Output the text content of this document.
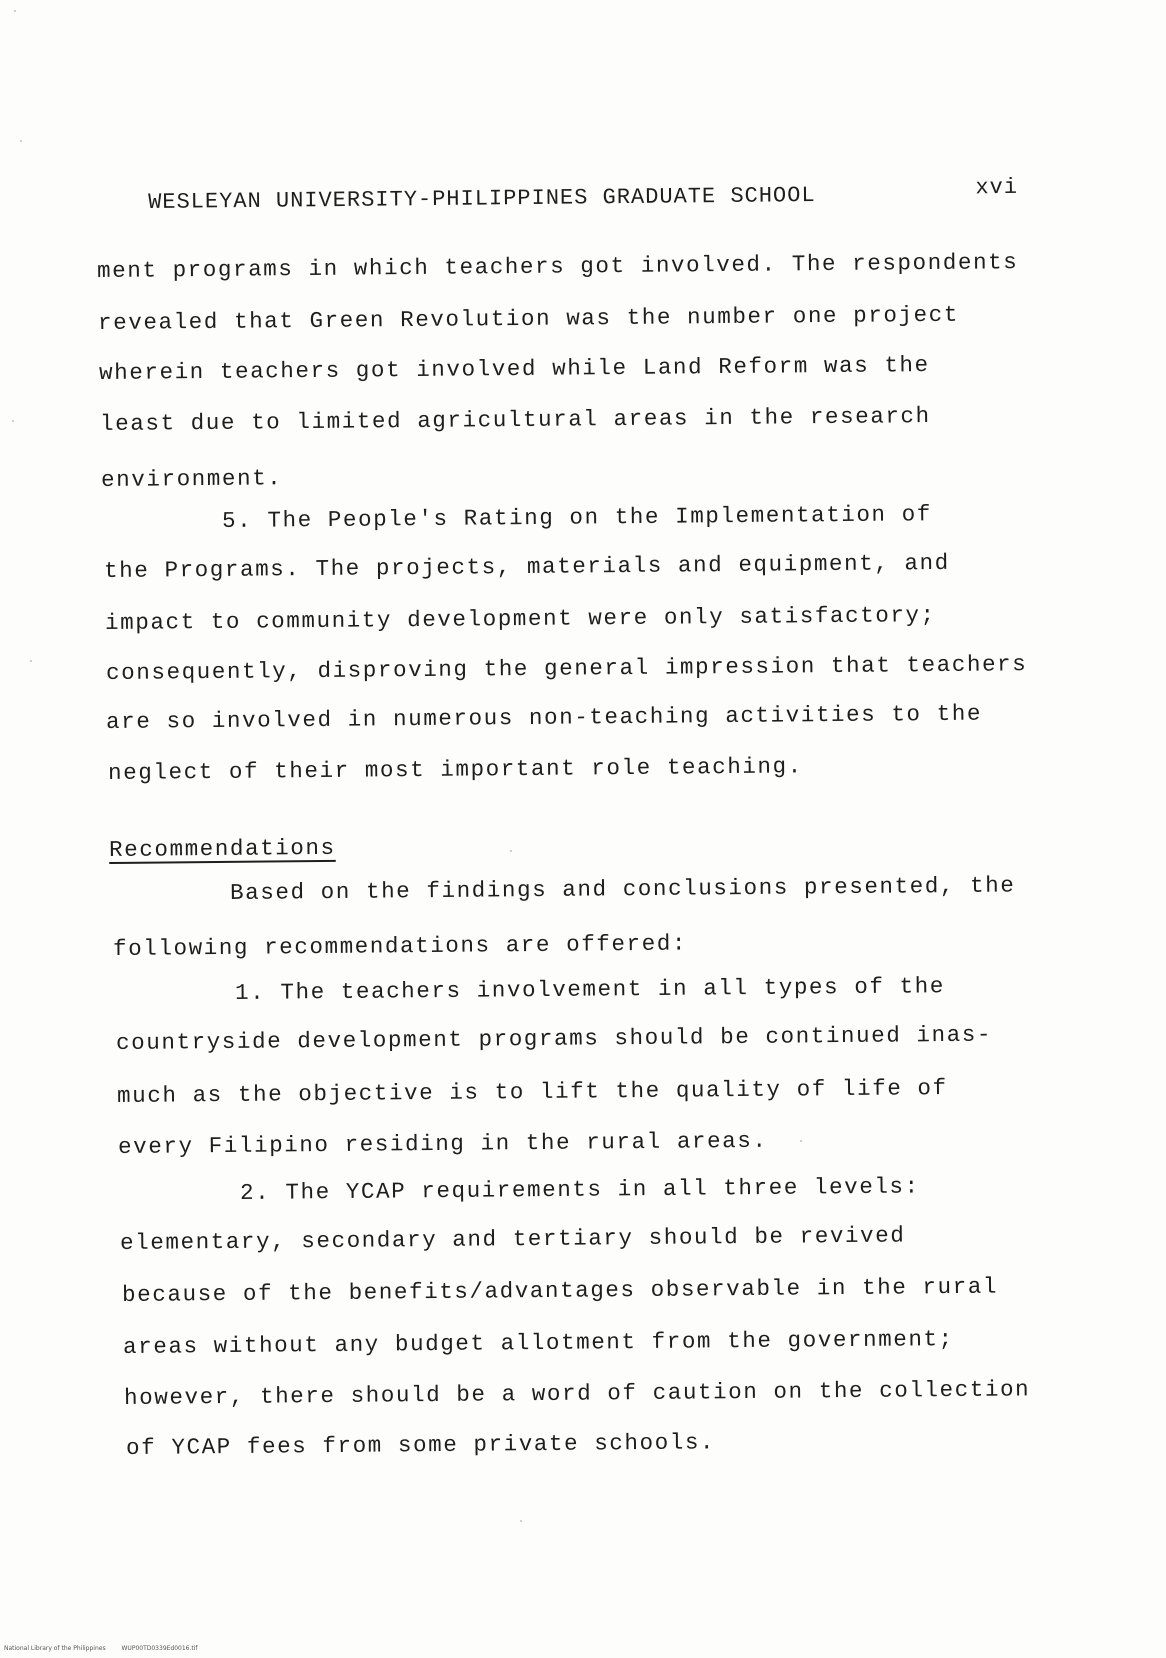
WESLEYAN UNIVERSITY-PHILIPPINES GRADUATE SCHOOL	xvi
ment programs in which teachers got involved. The respondents
revealed that Green Revolution was the number one project
wherein teachers got involved while Land Reform was the
least due to limited agricultural areas in the research
environment.
5. The People's Rating on the Implementation of
the Programs. The projects, materials and equipment, and
impact to community development were only satisfactory;
consequently, disproving the general impression that teachers
are so involved in numerous non-teaching activities to the
neglect of their most important role teaching.
Recommendations
Based on the findings and conclusions presented, the
following recommendations are offered:
1. The teachers involvement in all types of the
countryside development programs should be continued inas-
much as the objective is to lift the quality of life of
every Filipino residing in the rural areas.
2. The YCAP requirements in all three levels:
elementary, secondary and tertiary should be revived
because of the benefits/advantages observable in the rural
areas without any budget allotment from the government;
however, there should be a word of caution on the collection
of YCAP fees from some private schools.
National Library of the Philippines	WUP00TD0339Ed0016.tif
